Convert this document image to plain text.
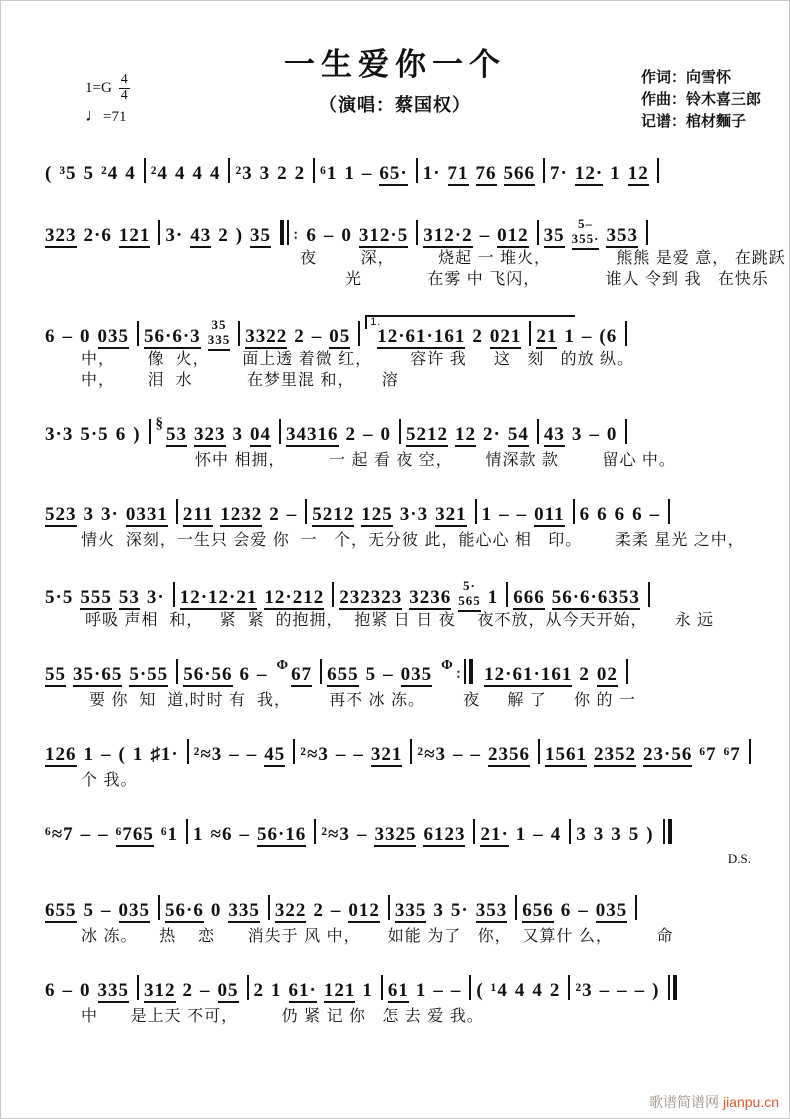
一生爱你一个
（演唱：蔡国权）
$1=G \frac{4}{4}$
♩=71
作词：向雪怀
作曲：铃木喜三郎
记谱：棺材麵子
( ³5 5 ²4 4 ²4 4 4 4 ²3 3 2 2 ⁶1 1 – 65· 1· 71 76 566 7· 12· 1 12
323 2·6 121 3· 43 2 ) 35 ∶ 6 – 0 312·5 312·2 – 012 35
5–
355· 353
夜        深，        烧起 一 堆火，            熊熊 是爱 意， 在跳跃
光            在雾 中 飞闪，            谁人 令到 我   在快乐
6 – 0 035 56·6·3
35
335 3322 2 – 051.12·61·161 2 021 21 1 – (6
中，      像  火，      面上透 着微 红，       容许 我     这   刻   的放 纵。
中，      泪  水          在梦里混 和，     溶
3·3 5·5 6 ) § 53 323 3 04 34316 2 – 0 5212 12 2· 54 43 3 – 0
怀中 相拥，        一 起 看 夜 空，      情深款 款        留心 中。
523 3 3· 0331 211 1232 2 – 5212 125 3·3 321 1 – – 011 6 6 6 6 –
情火  深刻，一生只 会爱 你  一   个，无分彼 此，能心心 相   印。      柔柔 星光 之中，
5·5 555 53 3· 12·12·21 12·212 232323 3236
5·
565 1 666 56·6·6353
呼吸 声相  和，   紧  紧  的抱拥，  抱紧 日 日 夜    夜不放，从今天开始，     永 远
55 35·65 5·55 56·56 6 – Φ 67 655 5 – 035 Φ∶ 12·61·161 2 02
要 你  知  道,时时 有  我，       再不 冰 冻。       夜     解 了     你 的 一
126 1 – ( 1 ♯1· ²≈3 – – 45 ²≈3 – – 321 ²≈3 – – 2356 1561 2352 23·56 ⁶7 ⁶7
个 我。
⁶≈7 – – ⁶765 ⁶1 1 ≈6 – 56·16 ²≈3 – 3325 6123 21· 1 – 4 3 3 3 5 )
D.S.
655 5 – 035 56·6 0 335 322 2 – 012 335 3 5· 353 656 6 – 035
冰 冻。    热    恋      消失于 风 中，     如能 为了   你，  又算什 么，        命
6 – 0 335 312 2 – 05 2 1 61· 121 1 61 1 – – ( ¹4 4 4 2 ²3 – – – )
中      是上天 不可，        仍 紧 记 你   怎 去 爱 我。
歌谱简谱网 jianpu.cn
